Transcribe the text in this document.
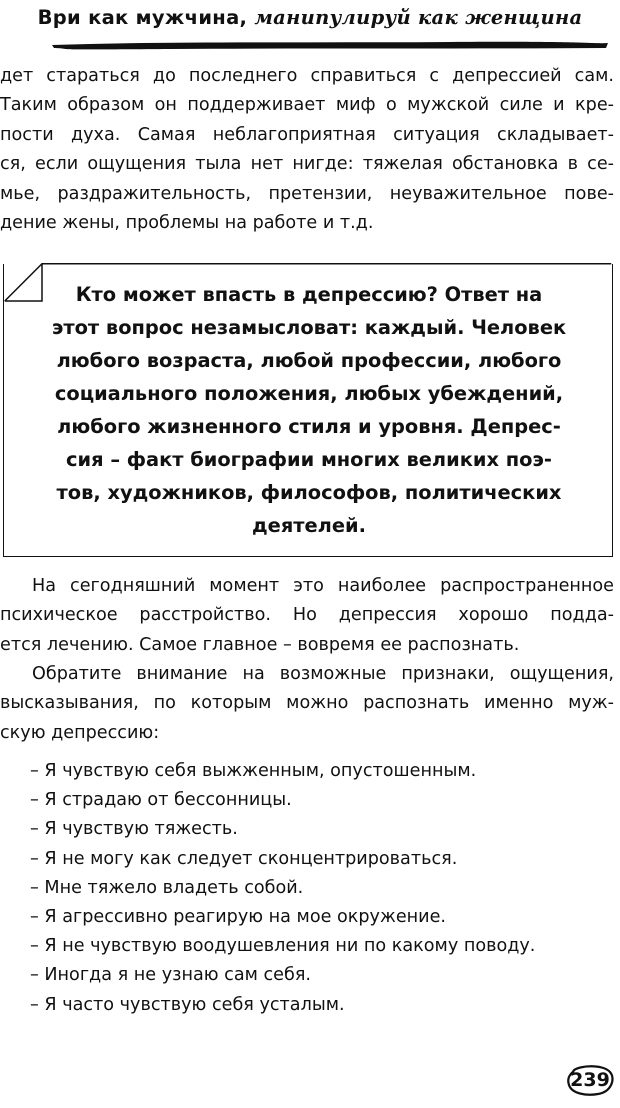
Ври как мужчина, манипулируй как женщина
дет стараться до последнего справиться с депрессией сам.
Таким образом он поддерживает миф о мужской силе и кре-
пости духа. Самая неблагоприятная ситуация складывает-
ся, если ощущения тыла нет нигде: тяжелая обстановка в се-
мье, раздражительность, претензии, неуважительное пове-
дение жены, проблемы на работе и т.д.
Кто может впасть в депрессию? Ответ на
этот вопрос незамысловат: каждый. Человек
любого возраста, любой профессии, любого
социального положения, любых убеждений,
любого жизненного стиля и уровня. Депрес-
сия – факт биографии многих великих поэ-
тов, художников, философов, политических
деятелей.
На сегодняшний момент это наиболее распространенное
психическое расстройство. Но депрессия хорошо подда-
ется лечению. Самое главное – вовремя ее распознать.
Обратите внимание на возможные признаки, ощущения,
высказывания, по которым можно распознать именно муж-
скую депрессию:
– Я чувствую себя выжженным, опустошенным.
– Я страдаю от бессонницы.
– Я чувствую тяжесть.
– Я не могу как следует сконцентрироваться.
– Мне тяжело владеть собой.
– Я агрессивно реагирую на мое окружение.
– Я не чувствую воодушевления ни по какому поводу.
– Иногда я не узнаю сам себя.
– Я часто чувствую себя усталым.
239
